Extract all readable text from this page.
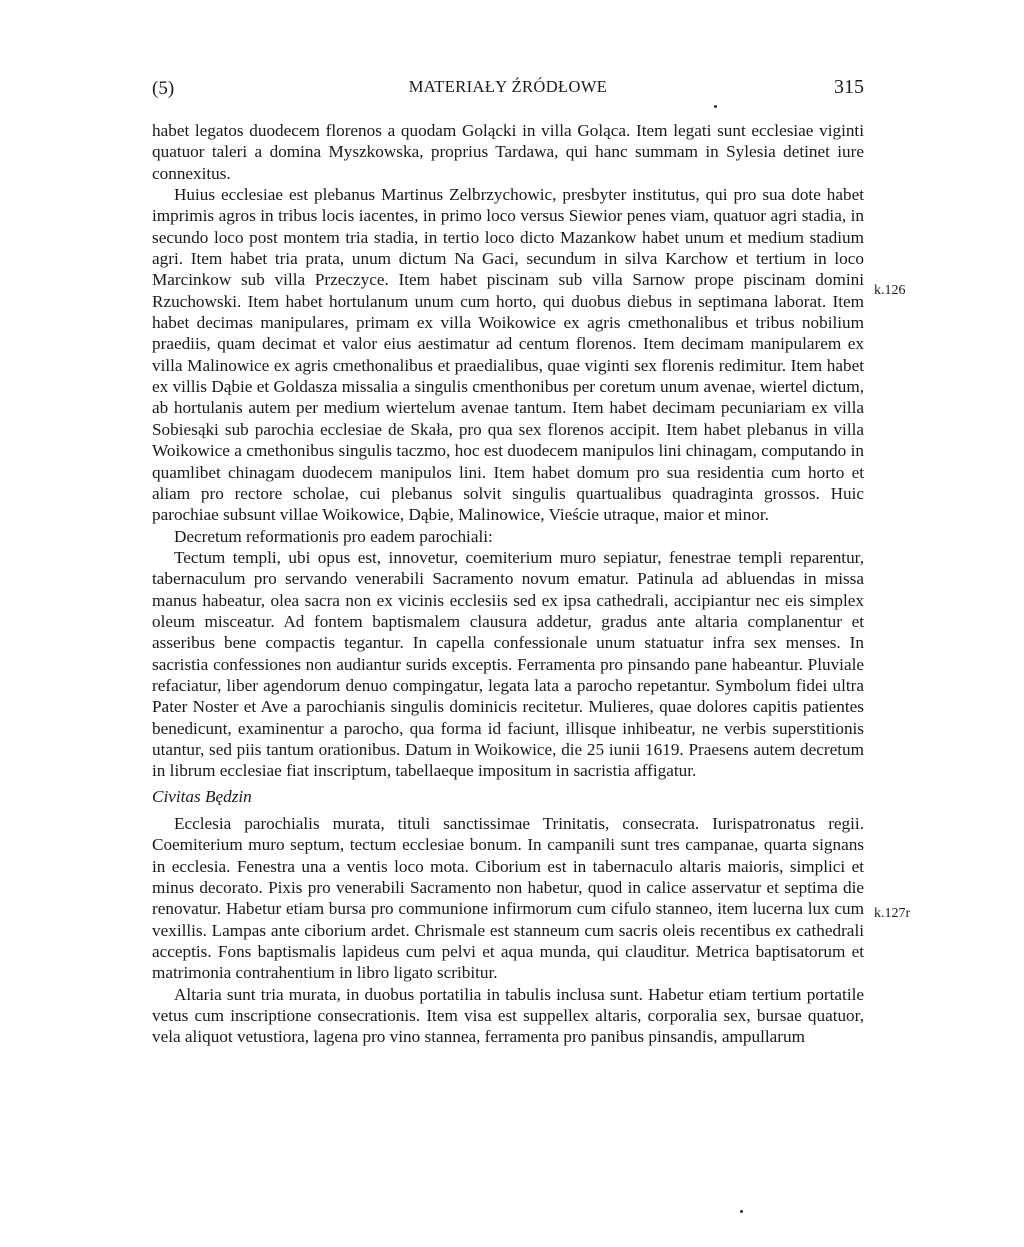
(5)	MATERIAŁY ŹRÓDŁOWE	315

habet legatos duodecem florenos a quodam Golącki in villa Goląca. Item legati sunt ecclesiae viginti quatuor taleri a domina Myszkowska, proprius Tardawa, qui hanc summam in Sylesia detinet iure connexitus.

Huius ecclesiae est plebanus Martinus Zelbrzychowic, presbyter institutus, qui pro sua dote habet imprimis agros in tribus locis iacentes, in primo loco versus Siewior penes viam, quatuor agri stadia, in secundo loco post montem tria stadia, in tertio loco dicto Mazankow habet unum et medium stadium agri. Item habet tria prata, unum dictum Na Gaci, secundum in silva Karchow et tertium in loco Marcinkow sub villa Przeczyce. Item habet piscinam sub villa Sarnow prope piscinam domini Rzuchowski. Item habet hortulanum unum cum horto, qui duobus diebus in septimana laborat. Item habet decimas manipulares, primam ex villa Woikowice ex agris cmethonalibus et tribus nobilium praediis, quam decimat et valor eius aestimatur ad centum florenos. Item decimam manipularem ex villa Malinowice ex agris cmethonalibus et praedialibus, quae viginti sex florenis redimitur. Item habet ex villis Dąbie et Goldasza missalia a singulis cmenthonibus per coretum unum avenae, wiertel dictum, ab hortulanis autem per medium wiertelum avenae tantum. Item habet decimam pecuniariam ex villa Sobiesąki sub parochia ecclesiae de Skała, pro qua sex florenos accipit. Item habet plebanus in villa Woikowice a cmethonibus singulis taczmo, hoc est duodecem manipulos lini chinagam, computando in quamlibet chinagam duodecem manipulos lini. Item habet domum pro sua residentia cum horto et aliam pro rectore scholae, cui plebanus solvit singulis quartualibus quadraginta grossos. Huic parochiae subsunt villae Woikowice, Dąbie, Malinowice, Vieście utraque, maior et minor.

Decretum reformationis pro eadem parochiali:

Tectum templi, ubi opus est, innovetur, coemiterium muro sepiatur, fenestrae templi reparentur, tabernaculum pro servando venerabili Sacramento novum ematur. Patinula ad abluendas in missa manus habeatur, olea sacra non ex vicinis ecclesiis sed ex ipsa cathedrali, accipiantur nec eis simplex oleum misceatur. Ad fontem baptismalem clausura addetur, gradus ante altaria complanentur et asseribus bene compactis tegantur. In capella confessionale unum statuatur infra sex menses. In sacristia confessiones non audiantur surids exceptis. Ferramenta pro pinsando pane habeantur. Pluviale refaciatur, liber agendorum denuo compingatur, legata lata a parocho repetantur. Symbolum fidei ultra Pater Noster et Ave a parochianis singulis dominicis recitetur. Mulieres, quae dolores capitis patientes benedicunt, examinentur a parocho, qua forma id faciunt, illisque inhibeatur, ne verbis superstitionis utantur, sed piis tantum orationibus. Datum in Woikowice, die 25 iunii 1619. Praesens autem decretum in librum ecclesiae fiat inscriptum, tabellaeque impositum in sacristia affigatur.

Civitas Będzin

Ecclesia parochialis murata, tituli sanctissimae Trinitatis, consecrata. Iurispatronatus regii. Coemiterium muro septum, tectum ecclesiae bonum. In campanili sunt tres campanae, quarta signans in ecclesia. Fenestra una a ventis loco mota. Ciborium est in tabernaculo altaris maioris, simplici et minus decorato. Pixis pro venerabili Sacramento non habetur, quod in calice asservatur et septima die renovatur. Habetur etiam bursa pro communione infirmorum cum cifulo stanneo, item lucerna lux cum vexillis. Lampas ante ciborium ardet. Chrismale est stanneum cum sacris oleis recentibus ex cathedrali acceptis. Fons baptismalis lapideus cum pelvi et aqua munda, qui clauditur. Metrica baptisatorum et matrimonia contrahentium in libro ligato scribitur.

Altaria sunt tria murata, in duobus portatilia in tabulis inclusa sunt. Habetur etiam tertium portatile vetus cum inscriptione consecrationis. Item visa est suppellex altaris, corporalia sex, bursae quatuor, vela aliquot vetustiora, lagena pro vino stannea, ferramenta pro panibus pinsandis, ampullarum

k.126
k.127r
